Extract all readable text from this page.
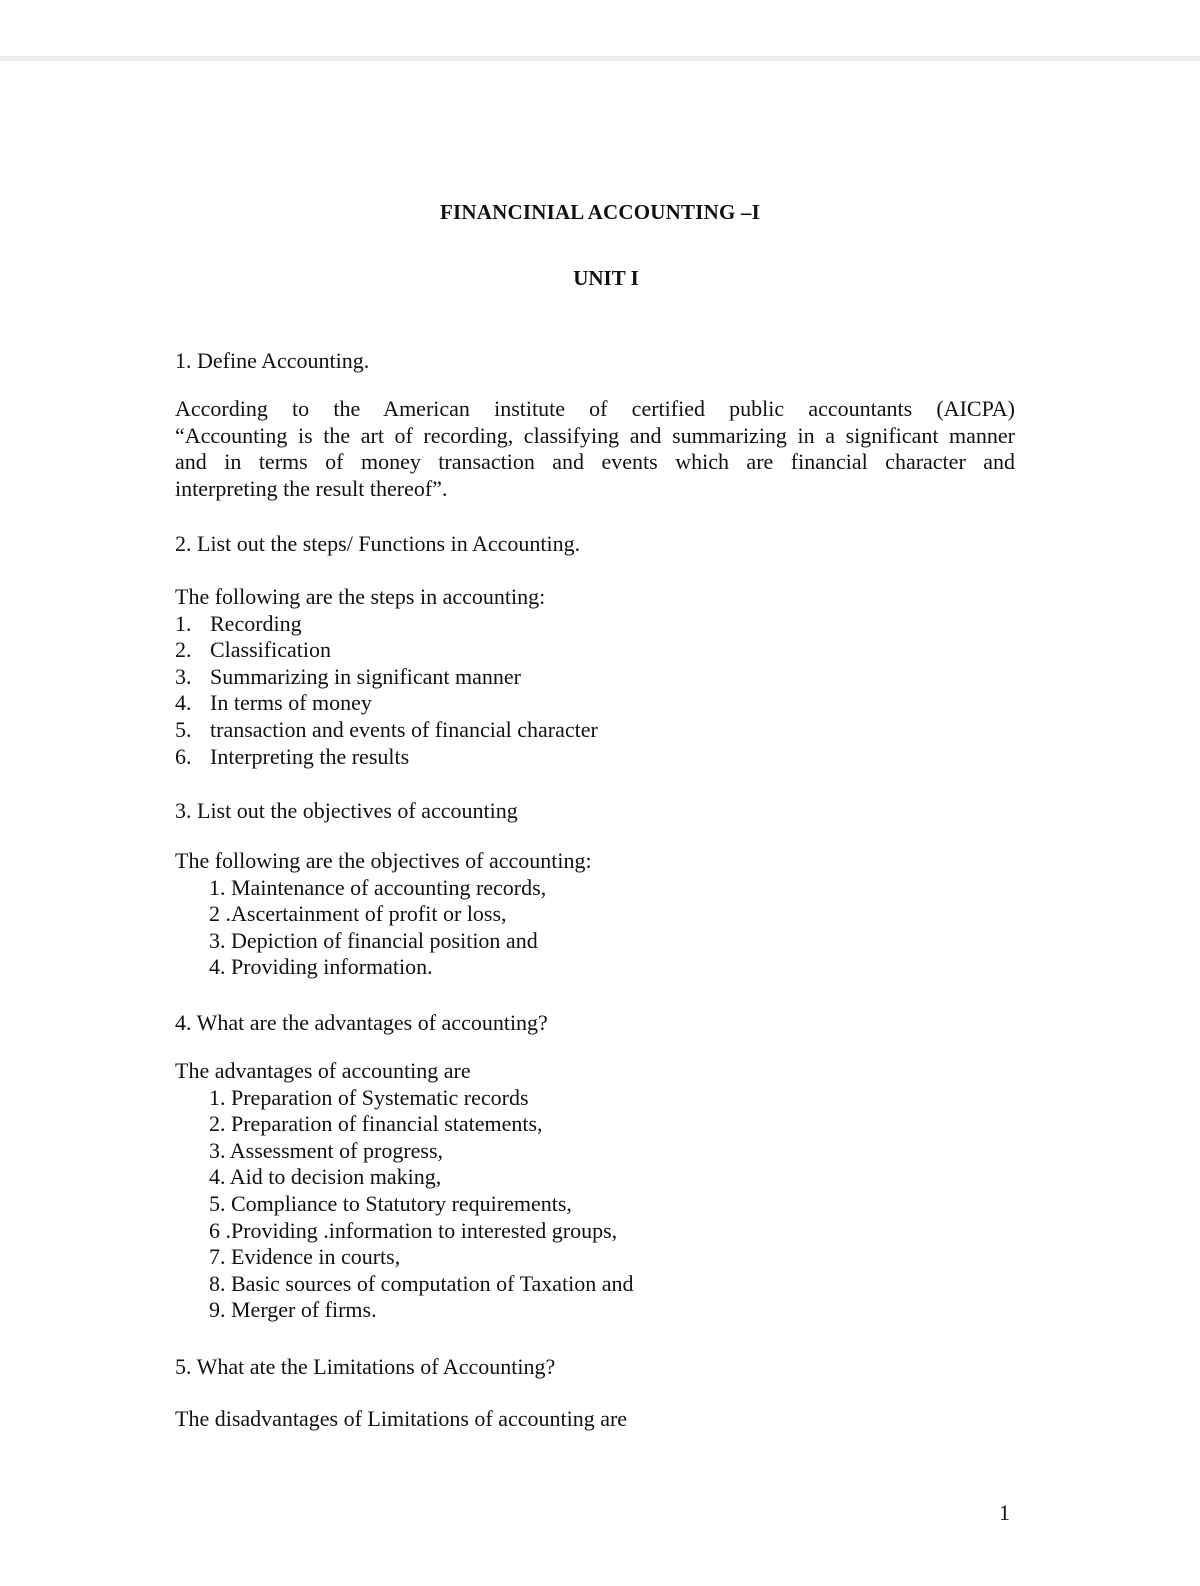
FINANCINIAL ACCOUNTING –I
UNIT I
1. Define Accounting.
According to the American institute of certified public accountants (AICPA)
“Accounting is the art of recording, classifying and summarizing in a significant manner
and in terms of money transaction and events which are financial character and
interpreting the result thereof”.
2. List out the steps/ Functions in Accounting.
The following are the steps in accounting:
1. Recording
2. Classification
3. Summarizing in significant manner
4. In terms of money
5. transaction and events of financial character
6. Interpreting the results
3. List out the objectives of accounting
The following are the objectives of accounting:
1. Maintenance of accounting records,
2 .Ascertainment of profit or loss,
3. Depiction of financial position and
4. Providing information.
4. What are the advantages of accounting?
The advantages of accounting are
1. Preparation of Systematic records
2. Preparation of financial statements,
3. Assessment of progress,
4. Aid to decision making,
5. Compliance to Statutory requirements,
6 .Providing .information to interested groups,
7. Evidence in courts,
8. Basic sources of computation of Taxation and
9. Merger of firms.
5. What ate the Limitations of Accounting?
The disadvantages of Limitations of accounting are
1
